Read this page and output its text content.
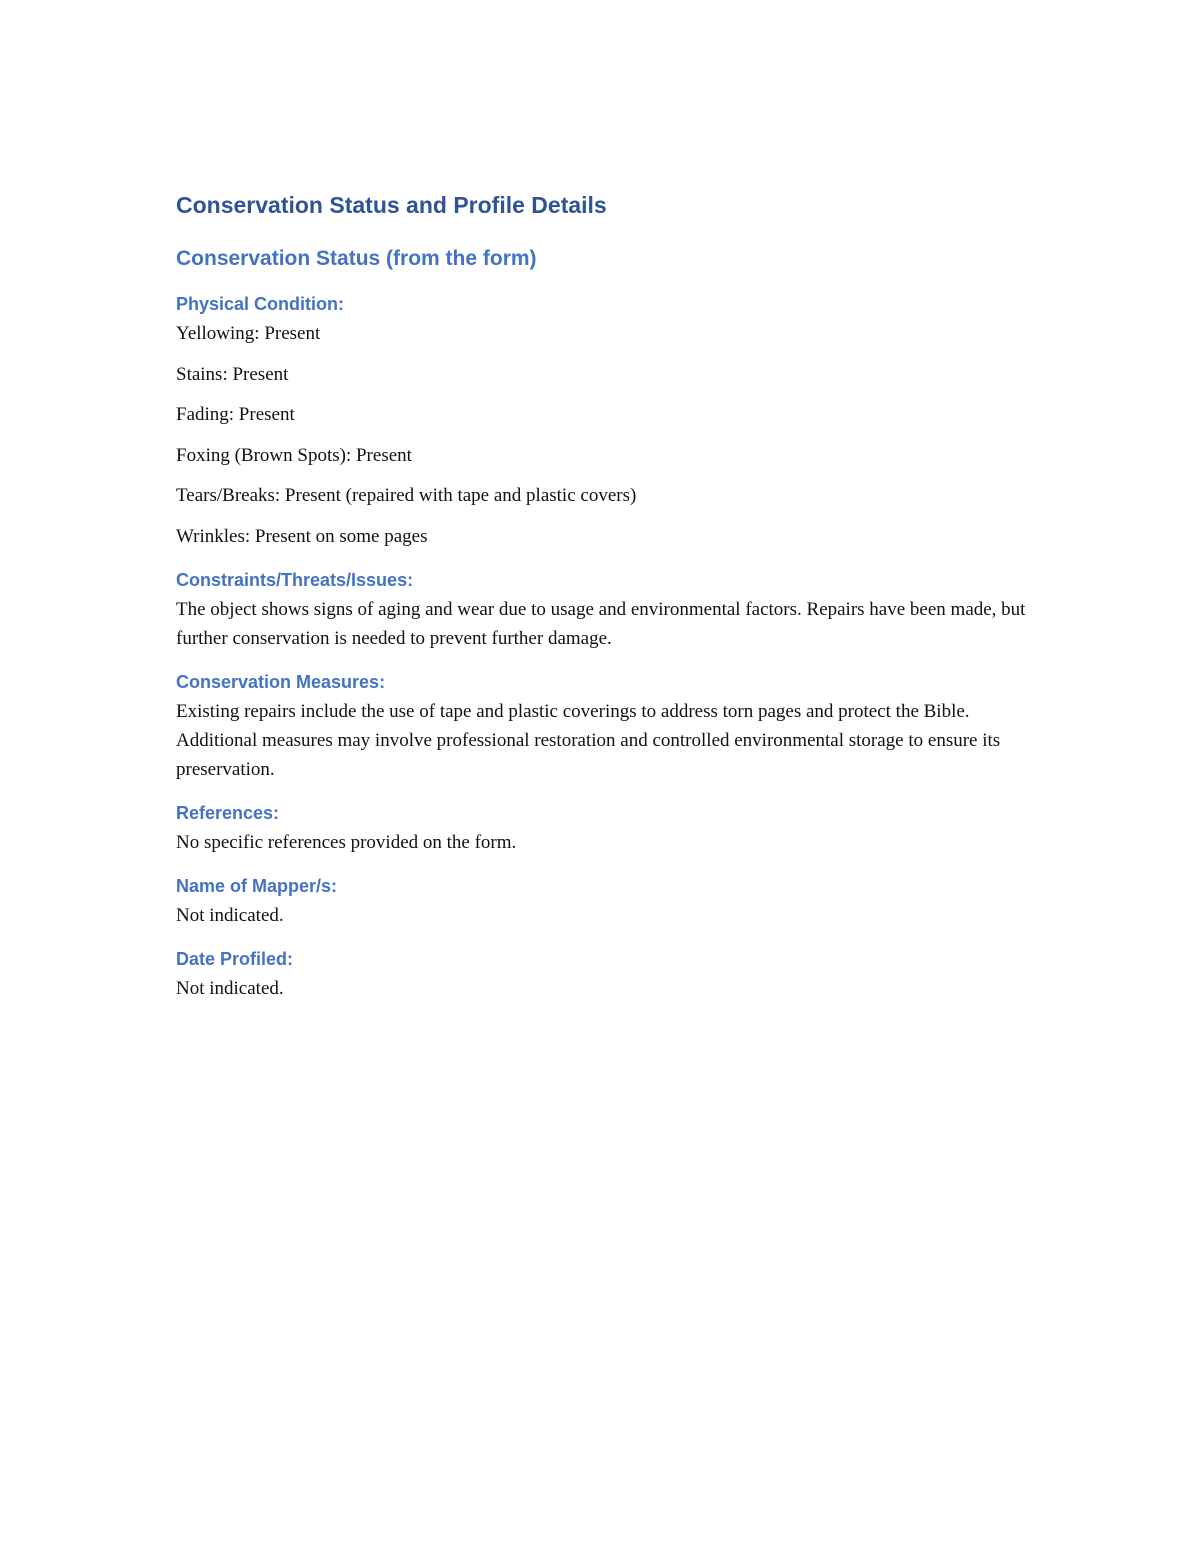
Conservation Status and Profile Details
Conservation Status (from the form)
Physical Condition:

Yellowing: Present

Stains: Present

Fading: Present

Foxing (Brown Spots): Present

Tears/Breaks: Present (repaired with tape and plastic covers)

Wrinkles: Present on some pages

Constraints/Threats/Issues:

The object shows signs of aging and wear due to usage and environmental factors. Repairs have been made, but further conservation is needed to prevent further damage.

Conservation Measures:

Existing repairs include the use of tape and plastic coverings to address torn pages and protect the Bible. Additional measures may involve professional restoration and controlled environmental storage to ensure its preservation.

References:

No specific references provided on the form.

Name of Mapper/s:

Not indicated.

Date Profiled:

Not indicated.
